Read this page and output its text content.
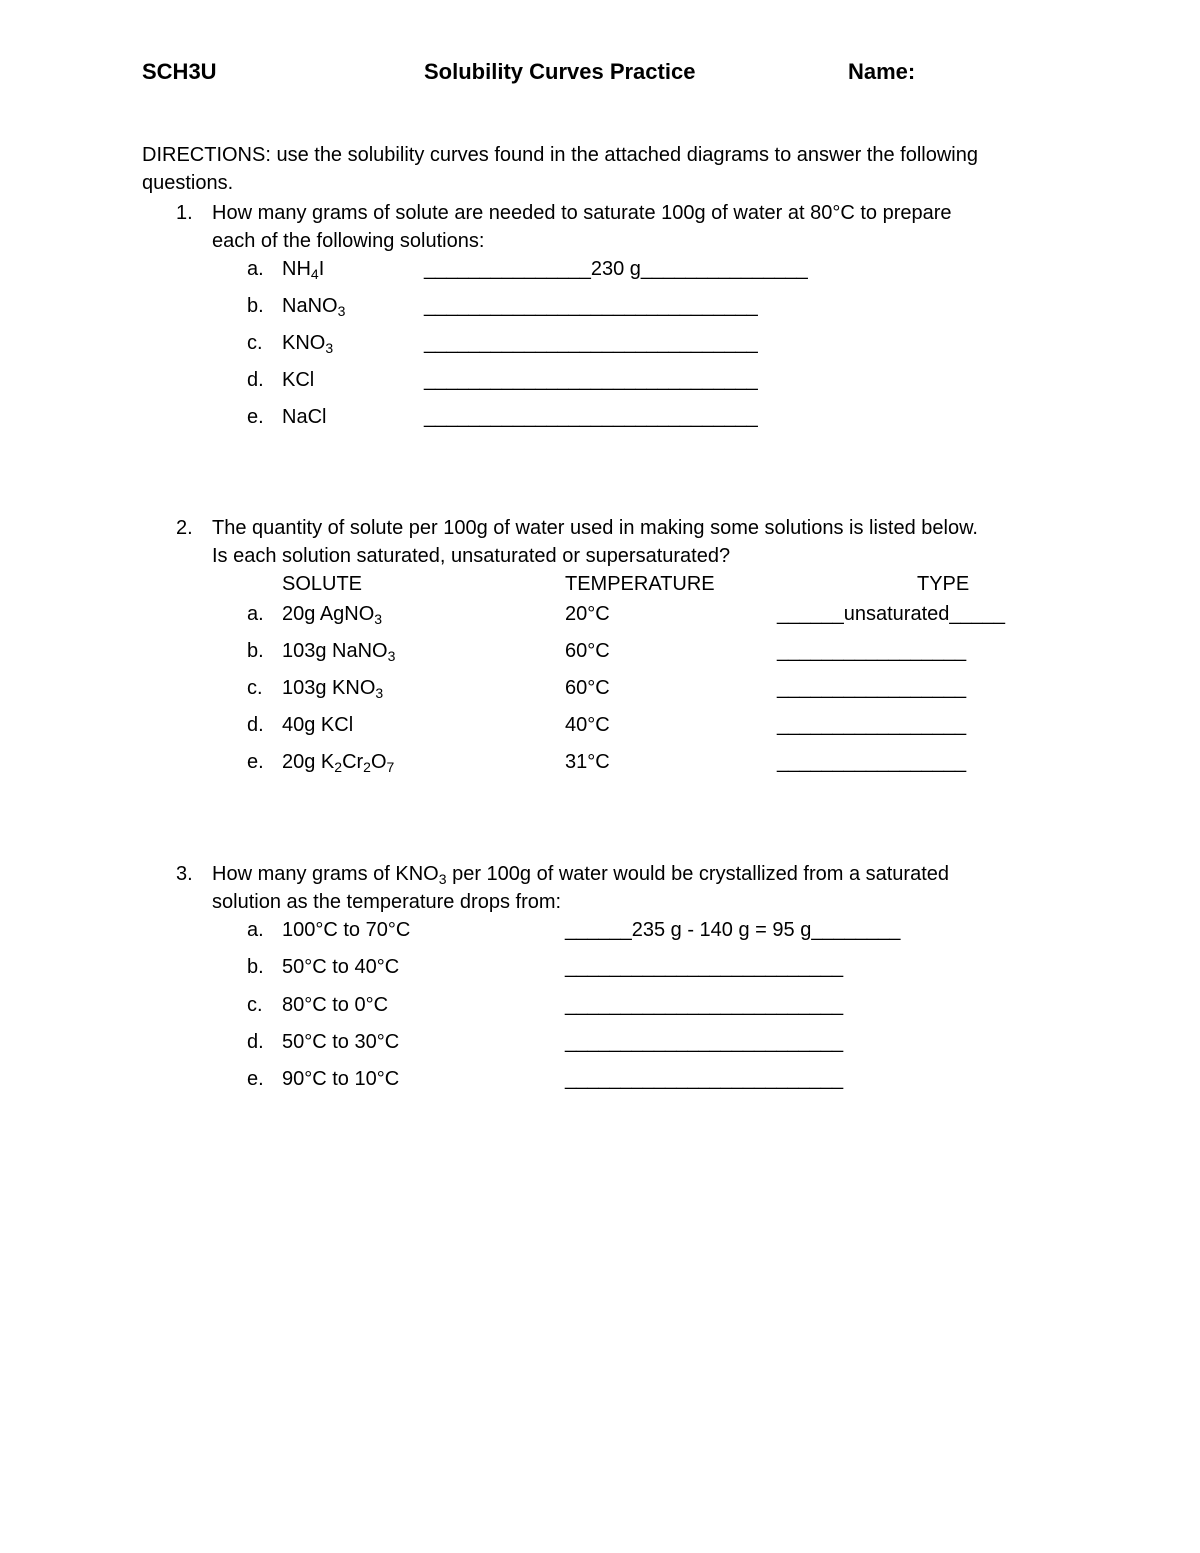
SCH3U	Solubility Curves Practice	Name:
DIRECTIONS: use the solubility curves found in the attached diagrams to answer the following
questions.
1. How many grams of solute are needed to saturate 100g of water at 80°C to prepare
each of the following solutions:
a. $NH_4I$	_______________230 g_______________
b. NaNO$_3$	______________________________
c. $KNO_3$	______________________________
d. KCl	______________________________
e. NaCl	______________________________
2. The quantity of solute per 100g of water used in making some solutions is listed below.
Is each solution saturated, unsaturated or supersaturated?
SOLUTE	TEMPERATURE	TYPE
a. 20g AgNO$_3$	20°C	______unsaturated_____
b. 103g NaNO$_3$	60°C	_________________
c. 103g $KNO_3$	60°C	_________________
d. 40g KCl	40°C	_________________
e. 20g $K_2Cr_2O_7$	31°C	_________________
3. How many grams of $KNO_3$ per 100g of water would be crystallized from a saturated
solution as the temperature drops from:
a. 100°C to 70°C	______235 g - 140 g = 95 g________
b. 50°C to 40°C	_________________________
c. 80°C to 0°C	_________________________
d. 50°C to 30°C	_________________________
e. 90°C to 10°C	_________________________
